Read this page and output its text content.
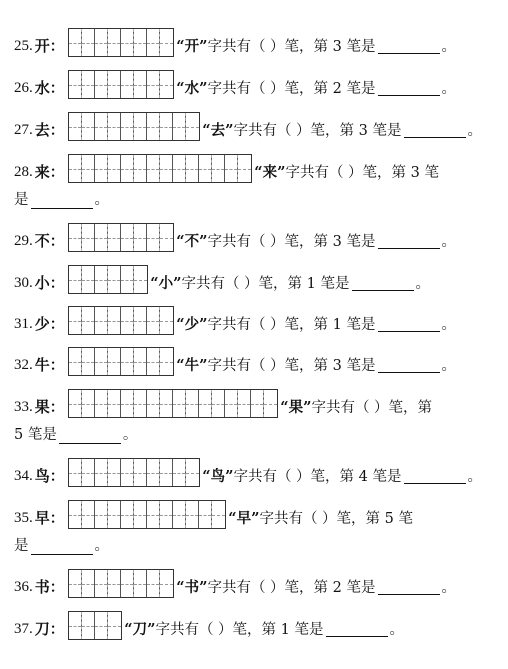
25. 开 ：	“开” 字共有（ ）笔，第 3 笔是	。
26. 水 ：	“水” 字共有（ ）笔，第 2 笔是	。
27. 去 ：	“去” 字共有（ ）笔，第 3 笔是	。
28. 来 ：	“来” 字共有（ ）笔，第 3 笔
是	。
29. 不 ：	“不” 字共有（ ）笔，第 3 笔是	。
30. 小 ：	“小” 字共有（ ）笔，第 1 笔是	。
31. 少 ：	“少” 字共有（ ）笔，第 1 笔是	。
32. 牛 ：	“牛” 字共有（ ）笔，第 3 笔是	。
33. 果 ：	“果” 字共有（ ）笔，第
5 笔是	。
34. 鸟 ：	“鸟” 字共有（ ）笔，第 4 笔是	。
35. 早 ：	“早” 字共有（ ）笔，第 5 笔
是	。
36. 书 ：	“书” 字共有（ ）笔，第 2 笔是	。
37. 刀 ：	“刀” 字共有（ ）笔，第 1 笔是	。
